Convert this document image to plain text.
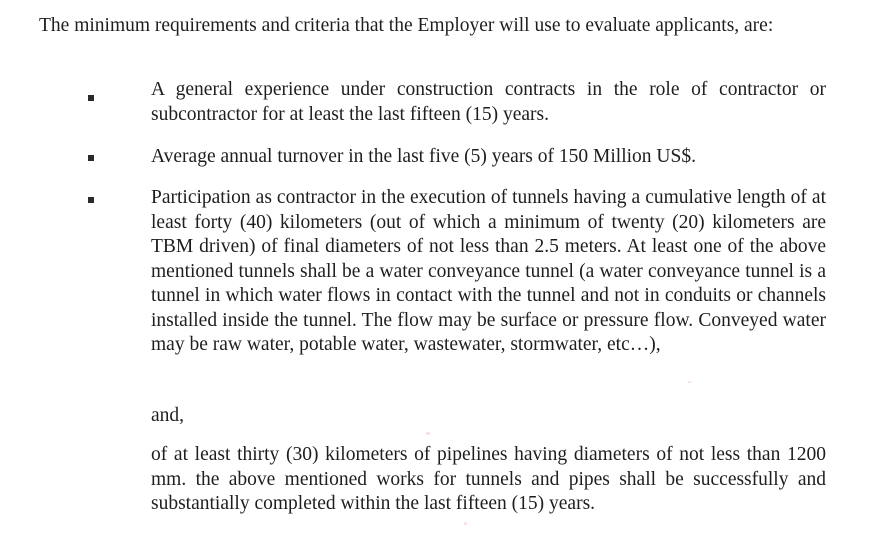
The minimum requirements and criteria that the Employer will use to evaluate applicants, are:

A general experience under construction contracts in the role of contractor or subcontractor for at least the last fifteen (15) years.
Average annual turnover in the last five (5) years of 150 Million US$.
Participation as contractor in the execution of tunnels having a cumulative length of at least forty (40) kilometers (out of which a minimum of twenty (20) kilometers are TBM driven) of final diameters of not less than 2.5 meters. At least one of the above mentioned tunnels shall be a water conveyance tunnel (a water conveyance tunnel is a tunnel in which water flows in contact with the tunnel and not in conduits or channels installed inside the tunnel. The flow may be surface or pressure flow. Conveyed water may be raw water, potable water, wastewater, stormwater, etc…),

and,

of at least thirty (30) kilometers of pipelines having diameters of not less than 1200 mm. the above mentioned works for tunnels and pipes shall be successfully and substantially completed within the last fifteen (15) years.
